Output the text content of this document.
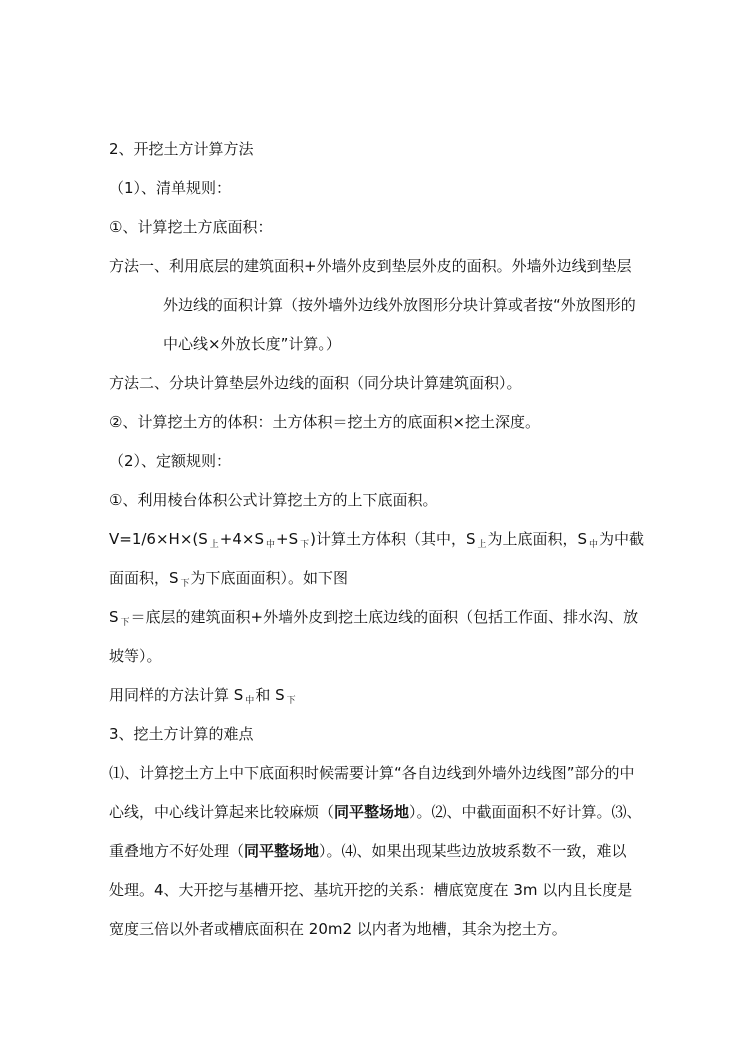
2、开挖土方计算方法
（1）、清单规则：
①、计算挖土方底面积：
方法一、利用底层的建筑面积+外墙外皮到垫层外皮的面积。外墙外边线到垫层
外边线的面积计算（按外墙外边线外放图形分块计算或者按“外放图形的
中心线×外放长度”计算。）
方法二、分块计算垫层外边线的面积（同分块计算建筑面积）。
②、计算挖土方的体积：土方体积＝挖土方的底面积×挖土深度。
（2）、定额规则：
①、利用棱台体积公式计算挖土方的上下底面积。
V=1/6×H×(S $_上$+4×S $_中$+S $_下$)计算土方体积（其中，S $_上$为上底面积，S $_中$为中截
面面积，S $_下$为下底面面积）。如下图
S $_下$＝底层的建筑面积+外墙外皮到挖土底边线的面积（包括工作面、排水沟、放
坡等）。
用同样的方法计算 S $_中$和 S $_下$
3、挖土方计算的难点
⑴、计算挖土方上中下底面积时候需要计算“各自边线到外墙外边线图”部分的中
心线，中心线计算起来比较麻烦（同平整场地）。⑵、中截面面积不好计算。⑶、
重叠地方不好处理（同平整场地）。⑷、如果出现某些边放坡系数不一致，难以
处理。4、大开挖与基槽开挖、基坑开挖的关系：槽底宽度在 3m 以内且长度是
宽度三倍以外者或槽底面积在 20m2 以内者为地槽，其余为挖土方。
